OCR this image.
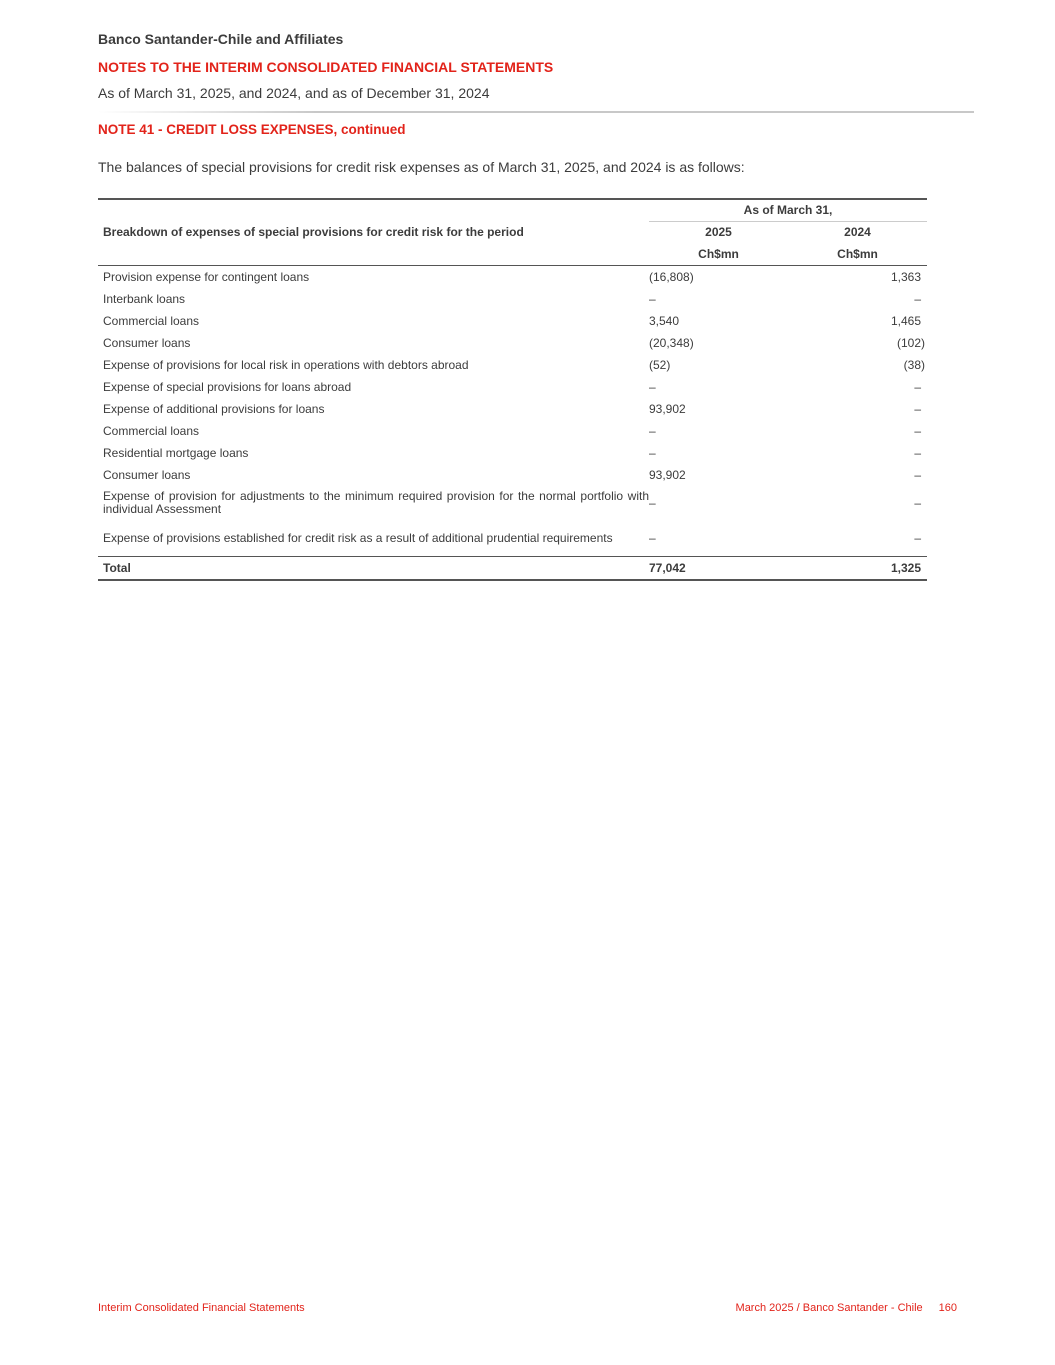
Banco Santander-Chile and Affiliates
NOTES TO THE INTERIM CONSOLIDATED FINANCIAL STATEMENTS
As of March 31, 2025, and 2024, and as of December 31, 2024
NOTE 41 - CREDIT LOSS EXPENSES, continued
The balances of special provisions for credit risk expenses as of March 31, 2025, and 2024 is as follows:
Breakdown of expenses of special provisions for credit risk for the period	As of March 31,	
	2025	2024
	Ch$mn	Ch$mn
Provision expense for contingent loans	(16,808)	1,363
Interbank loans	–	–
Commercial loans	3,540	1,465
Consumer loans	(20,348)	(102)
Expense of provisions for local risk in operations with debtors abroad	(52)	(38)
Expense of special provisions for loans abroad	–	–
Expense of additional provisions for loans	93,902	–
Commercial loans	–	–
Residential mortgage loans	–	–
Consumer loans	93,902	–
Expense of provision for adjustments to the minimum required provision for the normal portfolio with individual Assessment	–	–
Expense of provisions established for credit risk as a result of additional prudential requirements	–	–
Total	77,042	1,325
Interim Consolidated Financial Statements	March 2025 / Banco Santander - Chile 160
